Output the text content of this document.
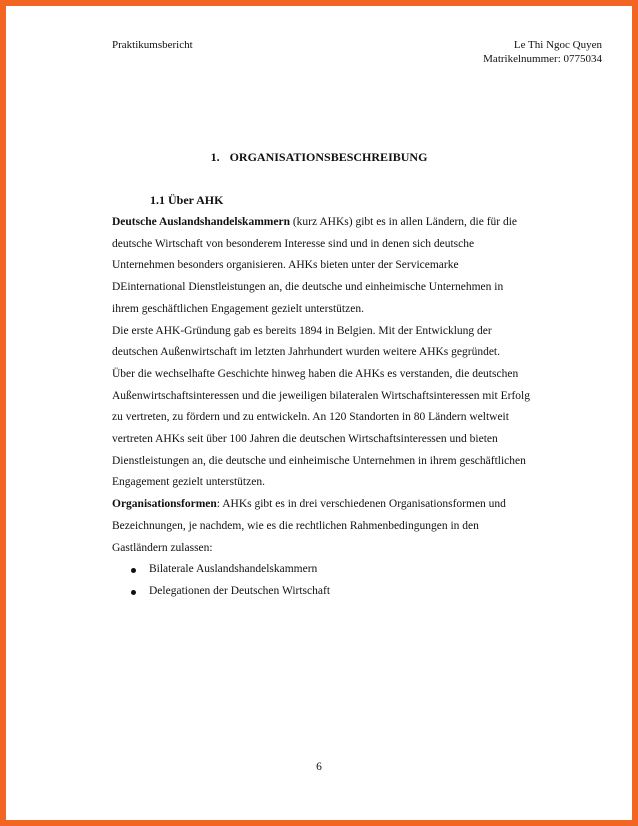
Praktikumsbericht	Le Thi Ngoc Quyen
Matrikelnummer: 0775034
1. ORGANISATIONSBESCHREIBUNG
1.1 Über AHK

Deutsche Auslandshandelskammern (kurz AHKs) gibt es in allen Ländern, die für die deutsche Wirtschaft von besonderem Interesse sind und in denen sich deutsche Unternehmen besonders organisieren. AHKs bieten unter der Servicemarke DEinternational Dienstleistungen an, die deutsche und einheimische Unternehmen in ihrem geschäftlichen Engagement gezielt unterstützen.

Die erste AHK-Gründung gab es bereits 1894 in Belgien. Mit der Entwicklung der deutschen Außenwirtschaft im letzten Jahrhundert wurden weitere AHKs gegründet.

Über die wechselhafte Geschichte hinweg haben die AHKs es verstanden, die deutschen Außenwirtschaftsinteressen und die jeweiligen bilateralen Wirtschaftsinteressen mit Erfolg zu vertreten, zu fördern und zu entwickeln. An 120 Standorten in 80 Ländern weltweit vertreten AHKs seit über 100 Jahren die deutschen Wirtschaftsinteressen und bieten Dienstleistungen an, die deutsche und einheimische Unternehmen in ihrem geschäftlichen Engagement gezielt unterstützen.

Organisationsformen: AHKs gibt es in drei verschiedenen Organisationsformen und Bezeichnungen, je nachdem, wie es die rechtlichen Rahmenbedingungen in den Gastländern zulassen:

Bilaterale Auslandshandelskammern
Delegationen der Deutschen Wirtschaft
6
